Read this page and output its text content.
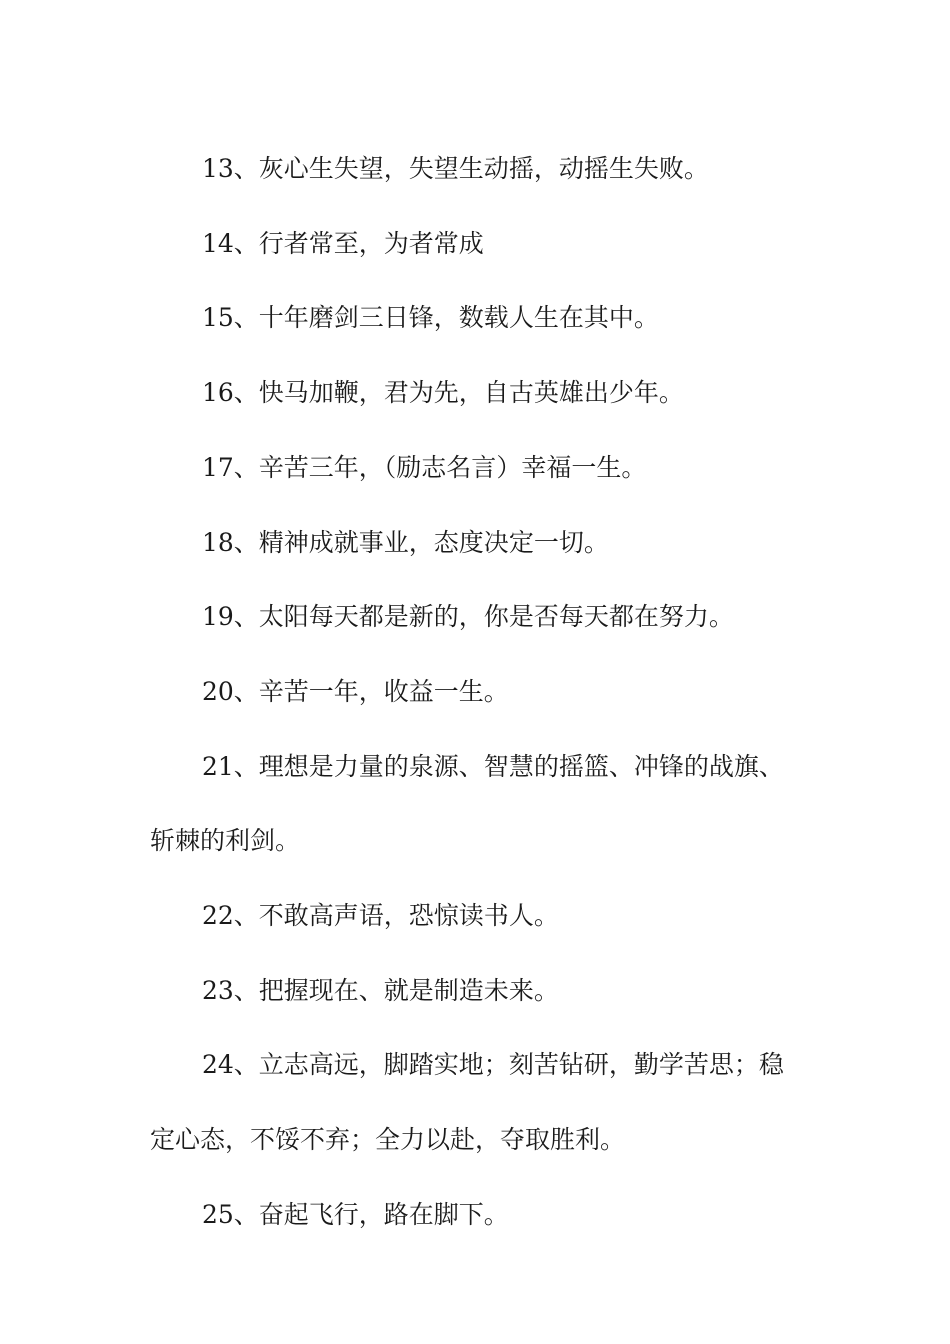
13、灰心生失望，失望生动摇，动摇生失败。

14、行者常至，为者常成

15、十年磨剑三日锋，数载人生在其中。

16、快马加鞭，君为先，自古英雄出少年。

17、辛苦三年，（励志名言）幸福一生。

18、精神成就事业，态度决定一切。

19、太阳每天都是新的，你是否每天都在努力。

20、辛苦一年，收益一生。

21、理想是力量的泉源、智慧的摇篮、冲锋的战旗、斩棘的利剑。

22、不敢高声语，恐惊读书人。

23、把握现在、就是制造未来。

24、立志高远，脚踏实地；刻苦钻研，勤学苦思；稳定心态，不馁不弃；全力以赴，夺取胜利。

25、奋起飞行，路在脚下。
